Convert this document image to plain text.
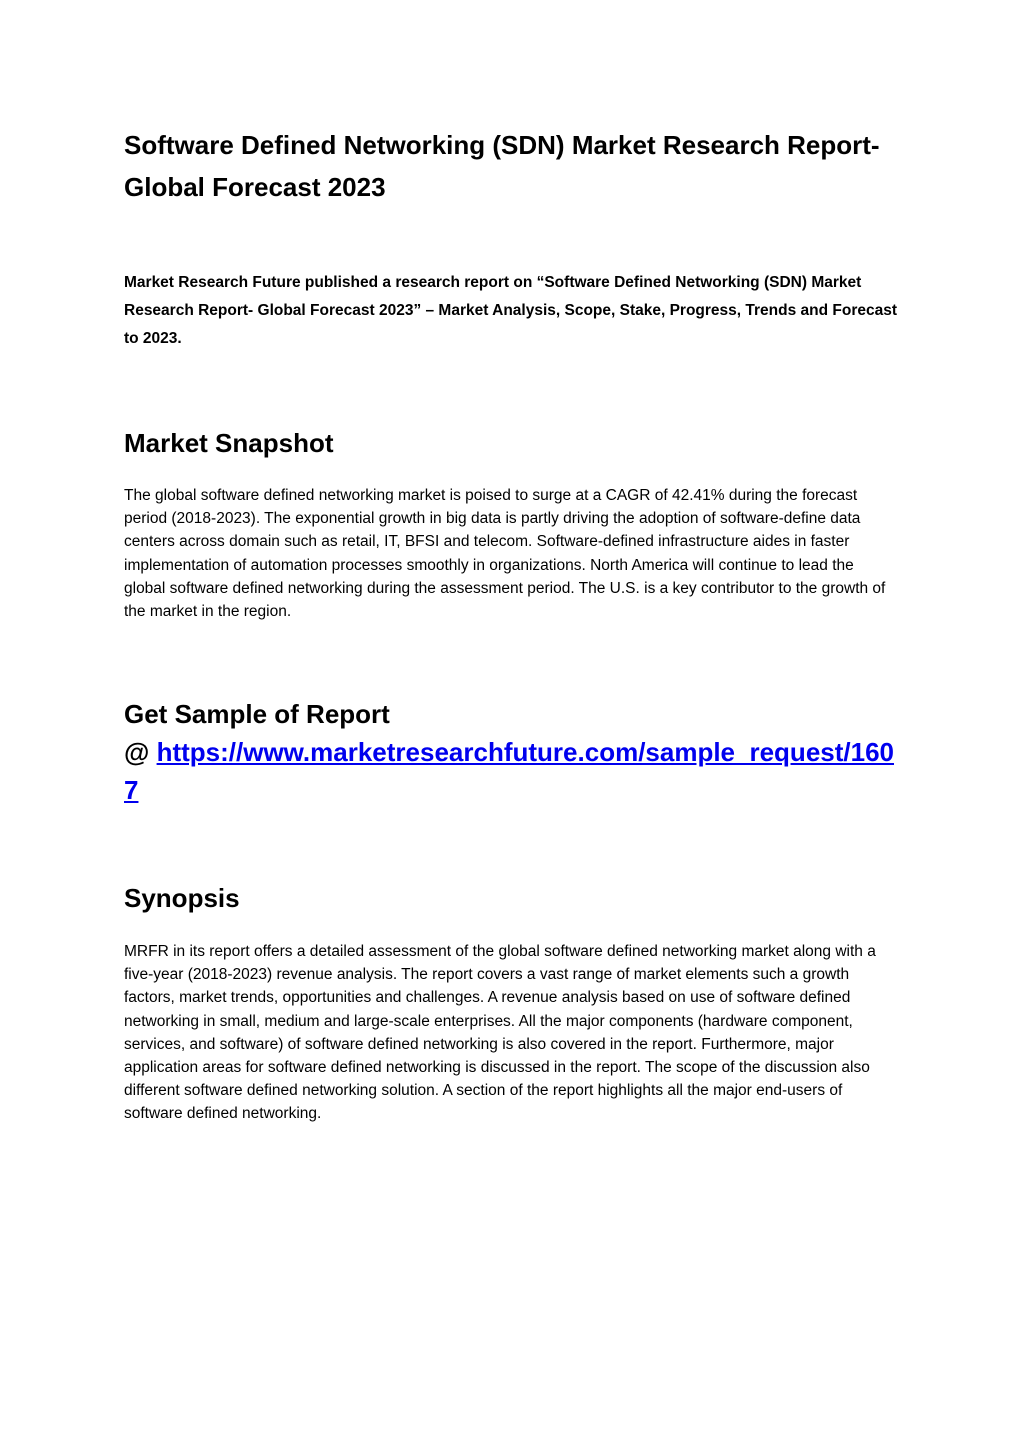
Software Defined Networking (SDN) Market Research Report- Global Forecast 2023

Market Research Future published a research report on “Software Defined Networking (SDN) Market Research Report- Global Forecast 2023” – Market Analysis, Scope, Stake, Progress, Trends and Forecast to 2023.

Market Snapshot

The global software defined networking market is poised to surge at a CAGR of 42.41% during the forecast period (2018-2023). The exponential growth in big data is partly driving the adoption of software-define data centers across domain such as retail, IT, BFSI and telecom. Software-defined infrastructure aides in faster implementation of automation processes smoothly in organizations. North America will continue to lead the global software defined networking during the assessment period. The U.S. is a key contributor to the growth of the market in the region.

Get Sample of Report

@ https://www.marketresearchfuture.com/sample_request/1607

Synopsis

MRFR in its report offers a detailed assessment of the global software defined networking market along with a five-year (2018-2023) revenue analysis. The report covers a vast range of market elements such a growth factors, market trends, opportunities and challenges. A revenue analysis based on use of software defined networking in small, medium and large-scale enterprises. All the major components (hardware component, services, and software) of software defined networking is also covered in the report. Furthermore, major application areas for software defined networking is discussed in the report. The scope of the discussion also different software defined networking solution. A section of the report highlights all the major end-users of software defined networking.
